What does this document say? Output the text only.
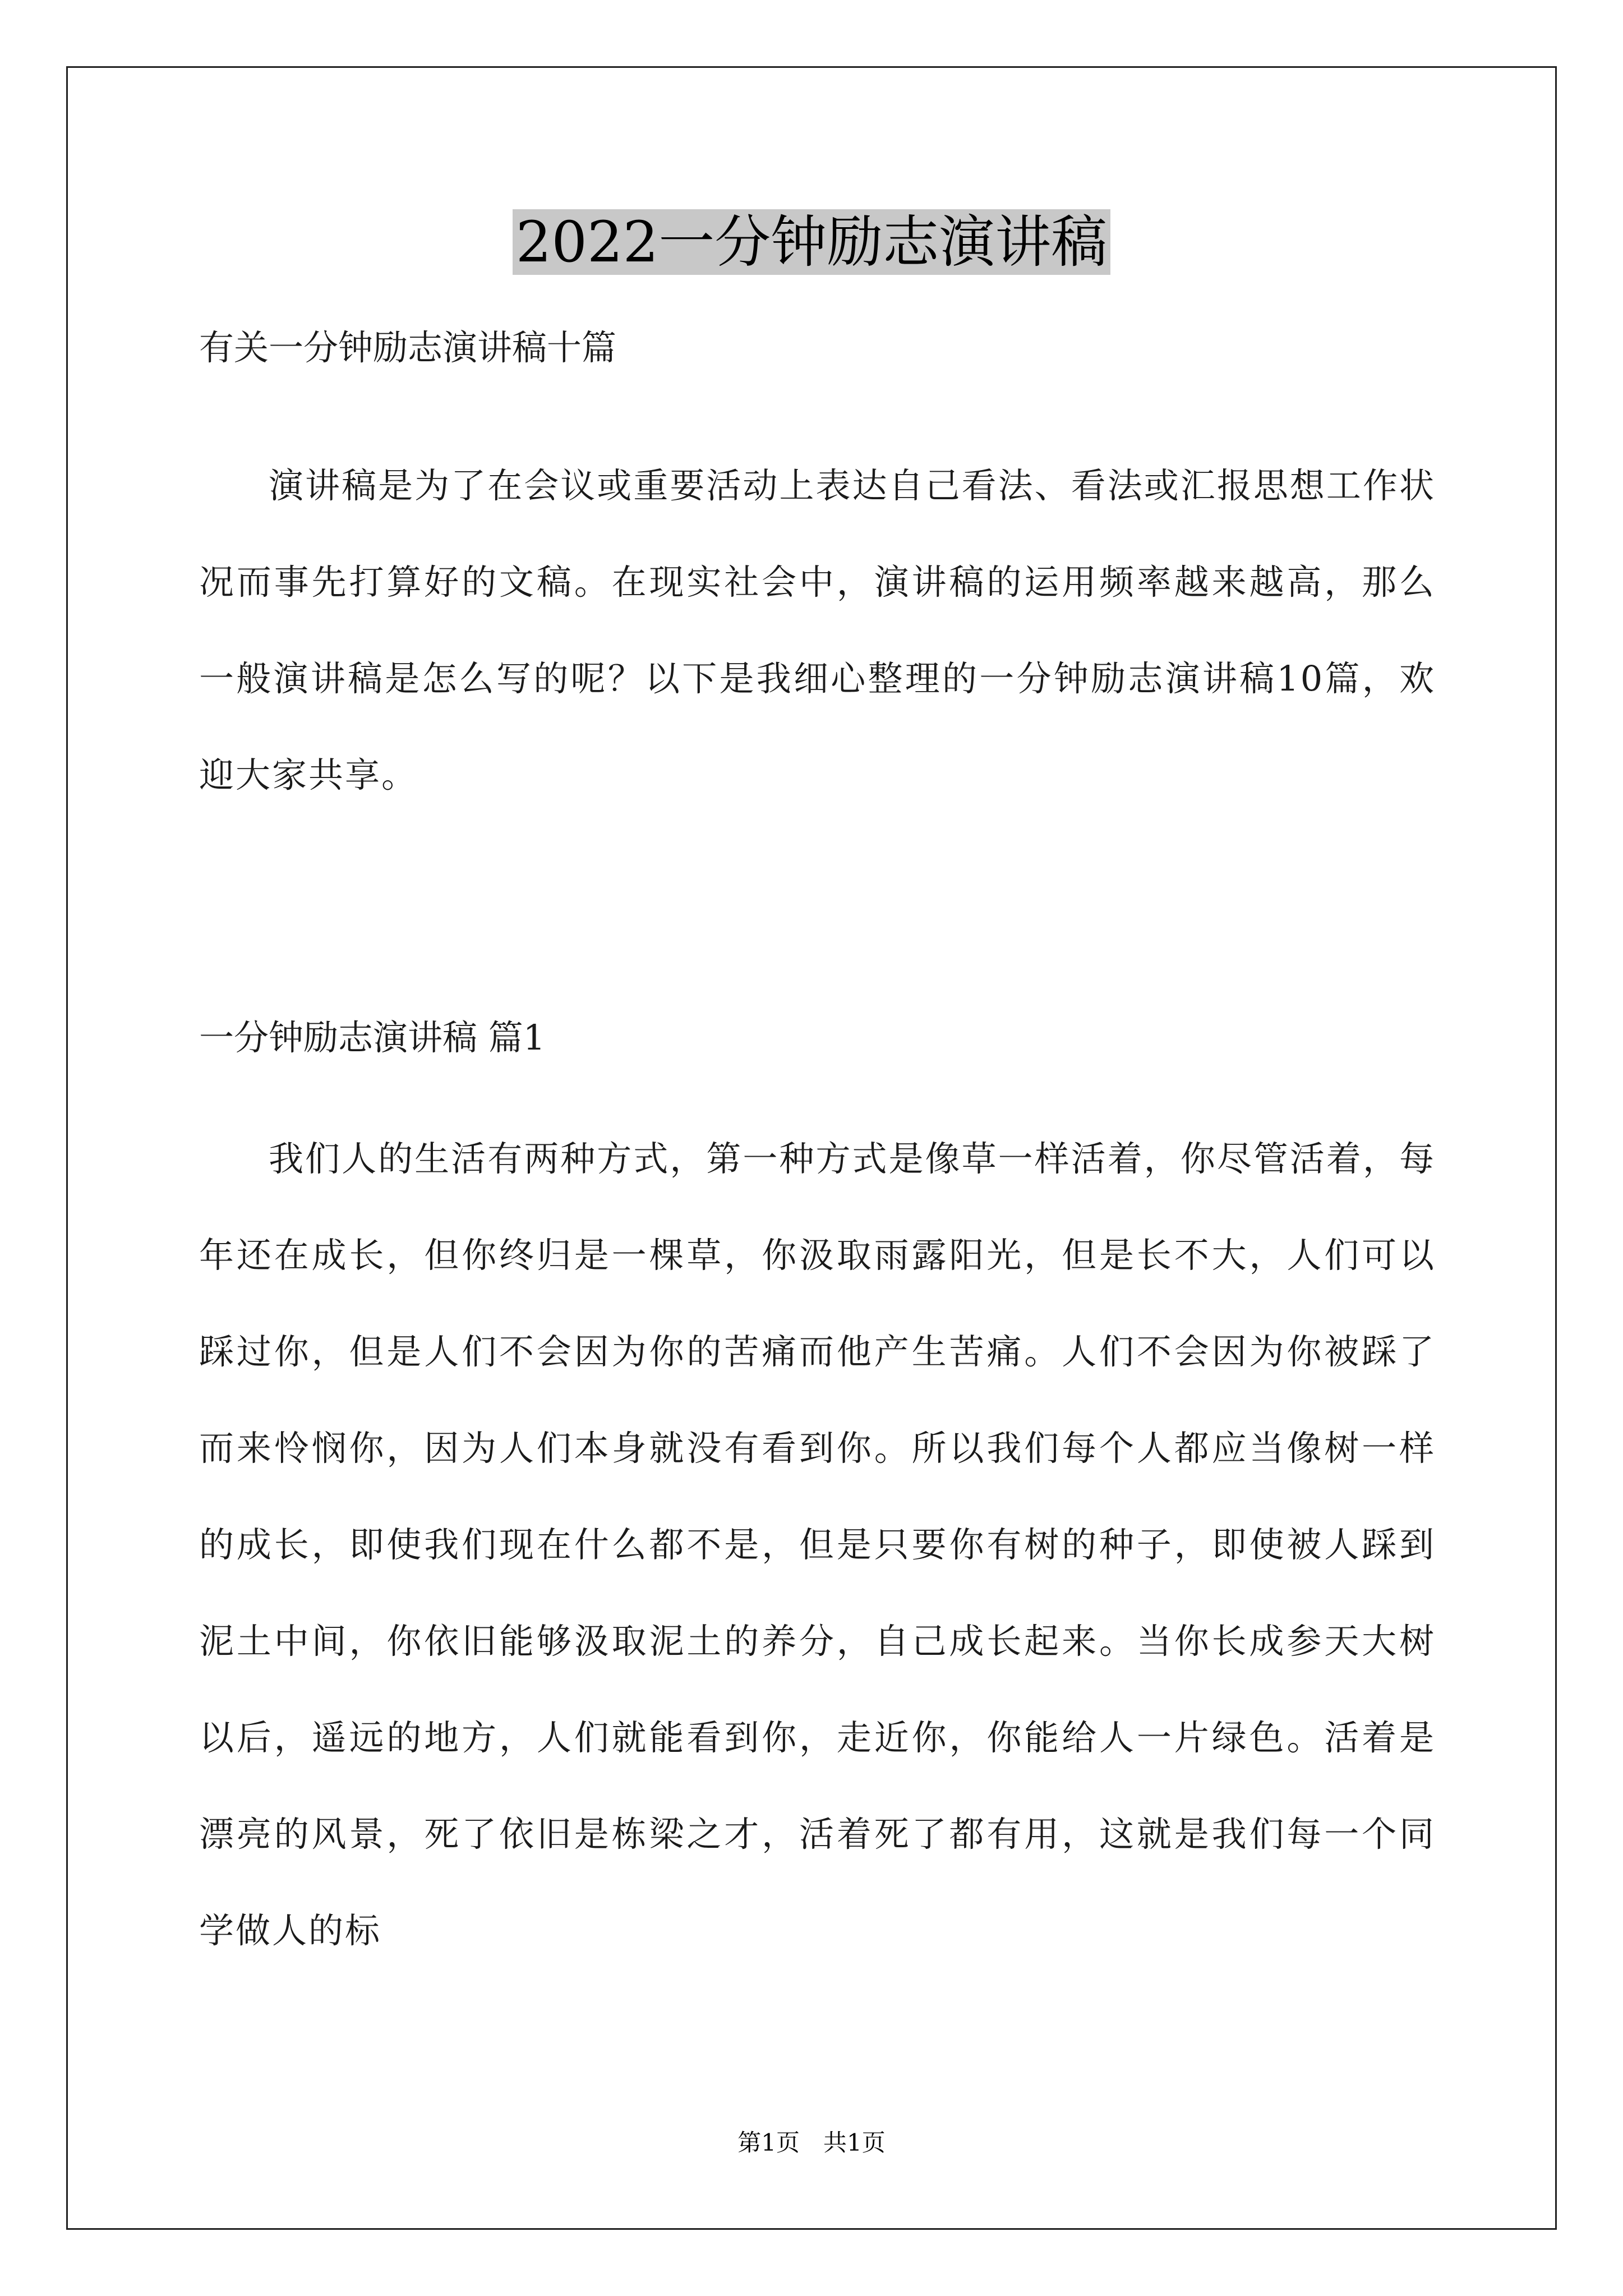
2022一分钟励志演讲稿

有关一分钟励志演讲稿十篇

演讲稿是为了在会议或重要活动上表达自己看法、看法或汇报思想工作状况而事先打算好的文稿。在现实社会中，演讲稿的运用频率越来越高，那么一般演讲稿是怎么写的呢？以下是我细心整理的一分钟励志演讲稿10篇，欢迎大家共享。

一分钟励志演讲稿 篇1

我们人的生活有两种方式，第一种方式是像草一样活着，你尽管活着，每年还在成长，但你终归是一棵草，你汲取雨露阳光，但是长不大，人们可以踩过你，但是人们不会因为你的苦痛而他产生苦痛。人们不会因为你被踩了而来怜悯你，因为人们本身就没有看到你。所以我们每个人都应当像树一样的成长，即使我们现在什么都不是，但是只要你有树的种子，即使被人踩到泥土中间，你依旧能够汲取泥土的养分，自己成长起来。当你长成参天大树以后，遥远的地方，人们就能看到你，走近你，你能给人一片绿色。活着是漂亮的风景，死了依旧是栋梁之才，活着死了都有用，这就是我们每一个同学做人的标

第1页　共1页
